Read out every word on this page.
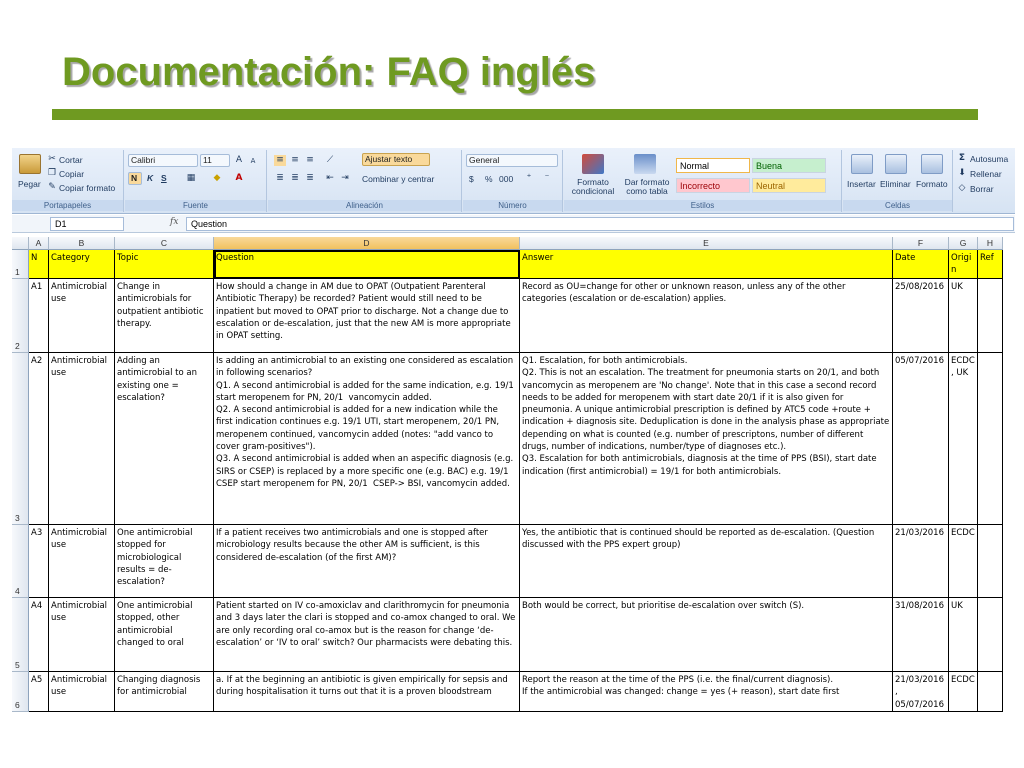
Documentación: FAQ inglés
Pegar
✂ Cortar
❐ Copiar
✎ Copiar formato
Portapapeles
Calibri	11	A	A
N	K S ▦ ◆ A
Fuente
≡ ≡ ≡	⟋	Ajustar texto
≣ ≣ ≣ ⇤ ⇥ Combinar y centrar
Alineación
General
$ % 000	⁺	⁻
Número
Formato condicional
Dar formato como tabla
Normal	Buena
Incorrecto	Neutral
Estilos
Insertar Eliminar Formato
Celdas
Σ Autosuma
⬇ Rellenar
◇ Borrar
D1	fx	Question
A	B	C	D	E	F	G	H
1
2
3
4
5
6
N	Category	Topic	Question	Answer	Date	Origin
Ref
A1	Antimicrobial use
Change in antimicrobials for outpatient antibiotic therapy.
How should a change in AM due to OPAT (Outpatient Parenteral Antibiotic Therapy) be recorded? Patient would still need to be inpatient but moved to OPAT prior to discharge. Not a change due to escalation or de-escalation, just that the new AM is more appropriate in OPAT setting.
Record as OU=change for other or unknown reason, unless any of the other categories (escalation or de-escalation) applies.
25/08/2016 UK
A2	Antimicrobial use
Adding an antimicrobial to an existing one = escalation?
Is adding an antimicrobial to an existing one considered as escalation in following scenarios?
Q1. A second antimicrobial is added for the same indication, e.g. 19/1 start meropenem for PN, 20/1  vancomycin added.
Q2. A second antimicrobial is added for a new indication while the first indication continues e.g. 19/1 UTI, start meropenem, 20/1 PN, meropenem continued, vancomycin added (notes: "add vanco to cover gram-positives").
Q3. A second antimicrobial is added when an aspecific diagnosis (e.g. SIRS or CSEP) is replaced by a more specific one (e.g. BAC) e.g. 19/1 CSEP start meropenem for PN, 20/1  CSEP-> BSI, vancomycin added.
Q1. Escalation, for both antimicrobials.
Q2. This is not an escalation. The treatment for pneumonia starts on 20/1, and both vancomycin as meropenem are 'No change'. Note that in this case a second record needs to be added for meropenem with start date 20/1 if it is also given for pneumonia. A unique antimicrobial prescription is defined by ATC5 code +route + indication + diagnosis site. Deduplication is done in the analysis phase as appropriate depending on what is counted (e.g. number of prescriptons, number of different drugs, number of indications, number/type of diagnoses etc.).
Q3. Escalation for both antimicrobials, diagnosis at the time of PPS (BSI), start date indication (first antimicrobial) = 19/1 for both antimicrobials.
05/07/2016 ECDC, UK
A3	Antimicrobial use
One antimicrobial stopped for microbiological results = de-escalation?
If a patient receives two antimicrobials and one is stopped after microbiology results because the other AM is sufficient, is this considered de-escalation (of the first AM)?
Yes, the antibiotic that is continued should be reported as de-escalation. (Question discussed with the PPS expert group)
21/03/2016 ECDC
A4	Antimicrobial use
One antimicrobial stopped, other antimicrobial changed to oral
Patient started on IV co-amoxiclav and clarithromycin for pneumonia and 3 days later the clari is stopped and co-amox changed to oral. We are only recording oral co-amox but is the reason for change ‘de-escalation’ or ‘IV to oral’ switch? Our pharmacists were debating this.
Both would be correct, but prioritise de-escalation over switch (S).	31/08/2016 UK
A5	Antimicrobial use
Changing diagnosis for antimicrobial
a. If at the beginning an antibiotic is given empirically for sepsis and during hospitalisation it turns out that it is a proven bloodstream
Report the reason at the time of the PPS (i.e. the final/current diagnosis).
If the antimicrobial was changed: change = yes (+ reason), start date first
21/03/2016, 05/07/2016
ECDC
